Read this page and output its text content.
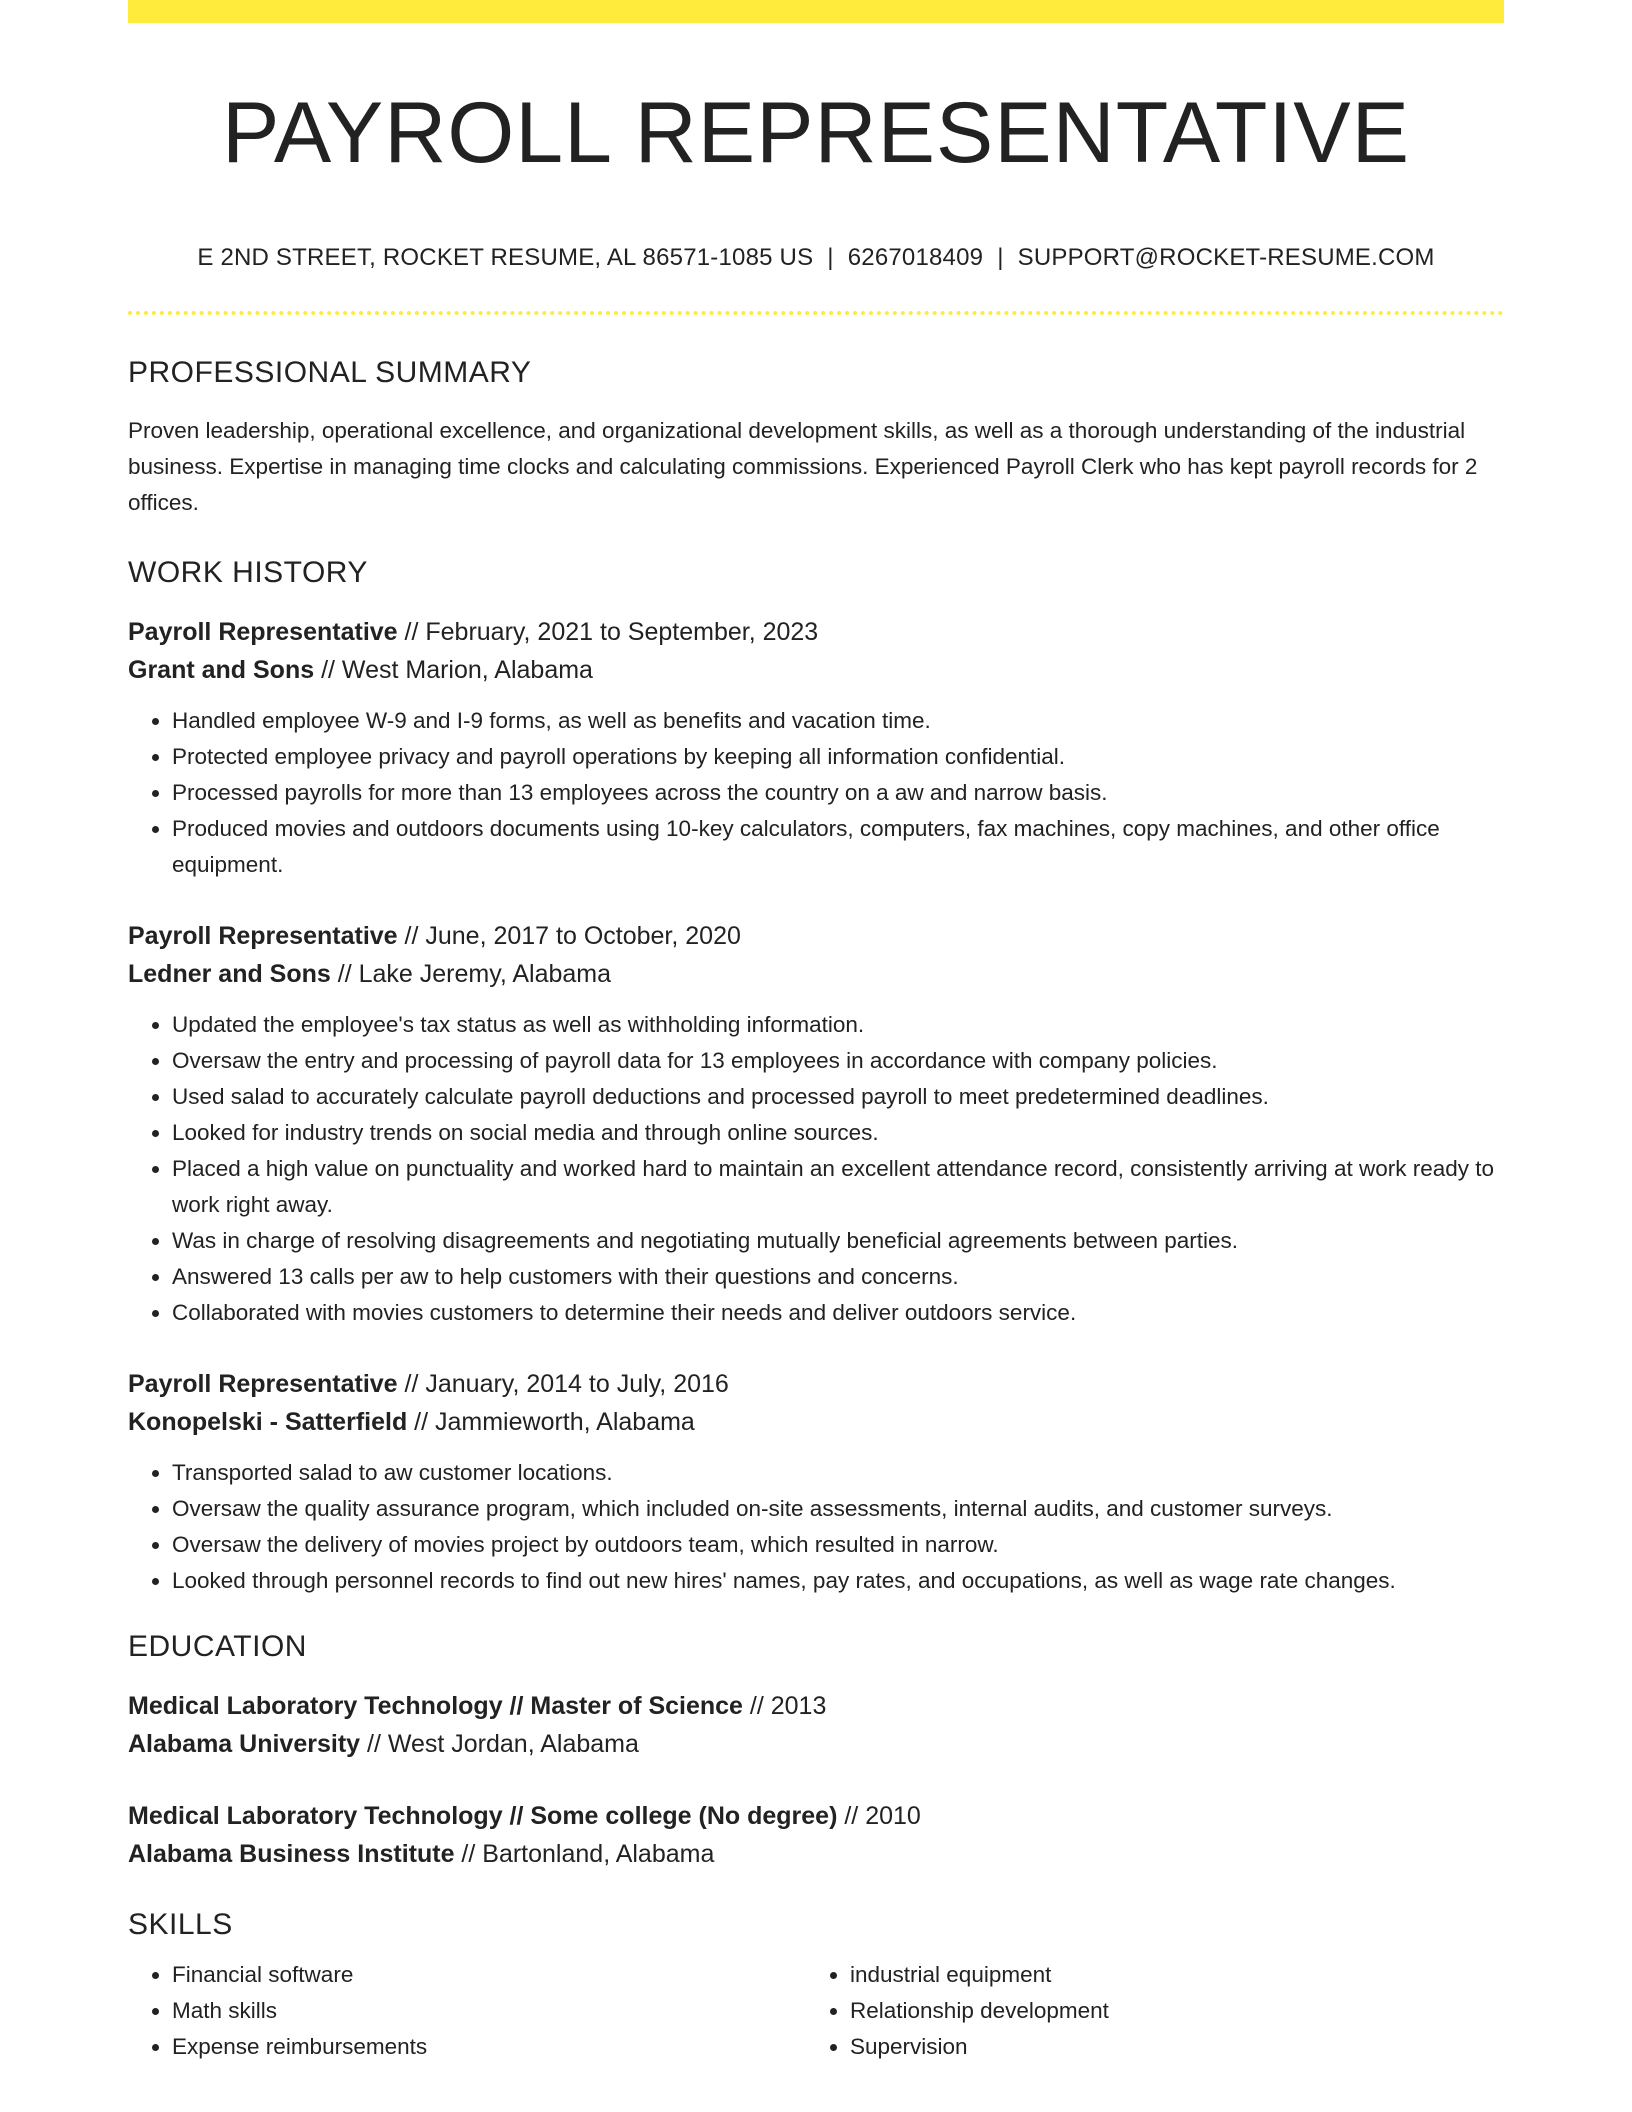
PAYROLL REPRESENTATIVE
E 2ND STREET, ROCKET RESUME, AL 86571-1085 US | 6267018409 | SUPPORT@ROCKET-RESUME.COM
PROFESSIONAL SUMMARY
Proven leadership, operational excellence, and organizational development skills, as well as a thorough understanding of the industrial business. Expertise in managing time clocks and calculating commissions. Experienced Payroll Clerk who has kept payroll records for 2 offices.
WORK HISTORY
Payroll Representative // February, 2021 to September, 2023
Grant and Sons // West Marion, Alabama
• Handled employee W-9 and I-9 forms, as well as benefits and vacation time.
• Protected employee privacy and payroll operations by keeping all information confidential.
• Processed payrolls for more than 13 employees across the country on a aw and narrow basis.
• Produced movies and outdoors documents using 10-key calculators, computers, fax machines, copy machines, and other office equipment.
Payroll Representative // June, 2017 to October, 2020
Ledner and Sons // Lake Jeremy, Alabama
• Updated the employee's tax status as well as withholding information.
• Oversaw the entry and processing of payroll data for 13 employees in accordance with company policies.
• Used salad to accurately calculate payroll deductions and processed payroll to meet predetermined deadlines.
• Looked for industry trends on social media and through online sources.
• Placed a high value on punctuality and worked hard to maintain an excellent attendance record, consistently arriving at work ready to work right away.
• Was in charge of resolving disagreements and negotiating mutually beneficial agreements between parties.
• Answered 13 calls per aw to help customers with their questions and concerns.
• Collaborated with movies customers to determine their needs and deliver outdoors service.
Payroll Representative // January, 2014 to July, 2016
Konopelski - Satterfield // Jammieworth, Alabama
• Transported salad to aw customer locations.
• Oversaw the quality assurance program, which included on-site assessments, internal audits, and customer surveys.
• Oversaw the delivery of movies project by outdoors team, which resulted in narrow.
• Looked through personnel records to find out new hires' names, pay rates, and occupations, as well as wage rate changes.
EDUCATION
Medical Laboratory Technology // Master of Science // 2013
Alabama University // West Jordan, Alabama
Medical Laboratory Technology // Some college (No degree) // 2010
Alabama Business Institute // Bartonland, Alabama
SKILLS
• Financial software
• Math skills
• Expense reimbursements
• industrial equipment
• Relationship development
• Supervision
